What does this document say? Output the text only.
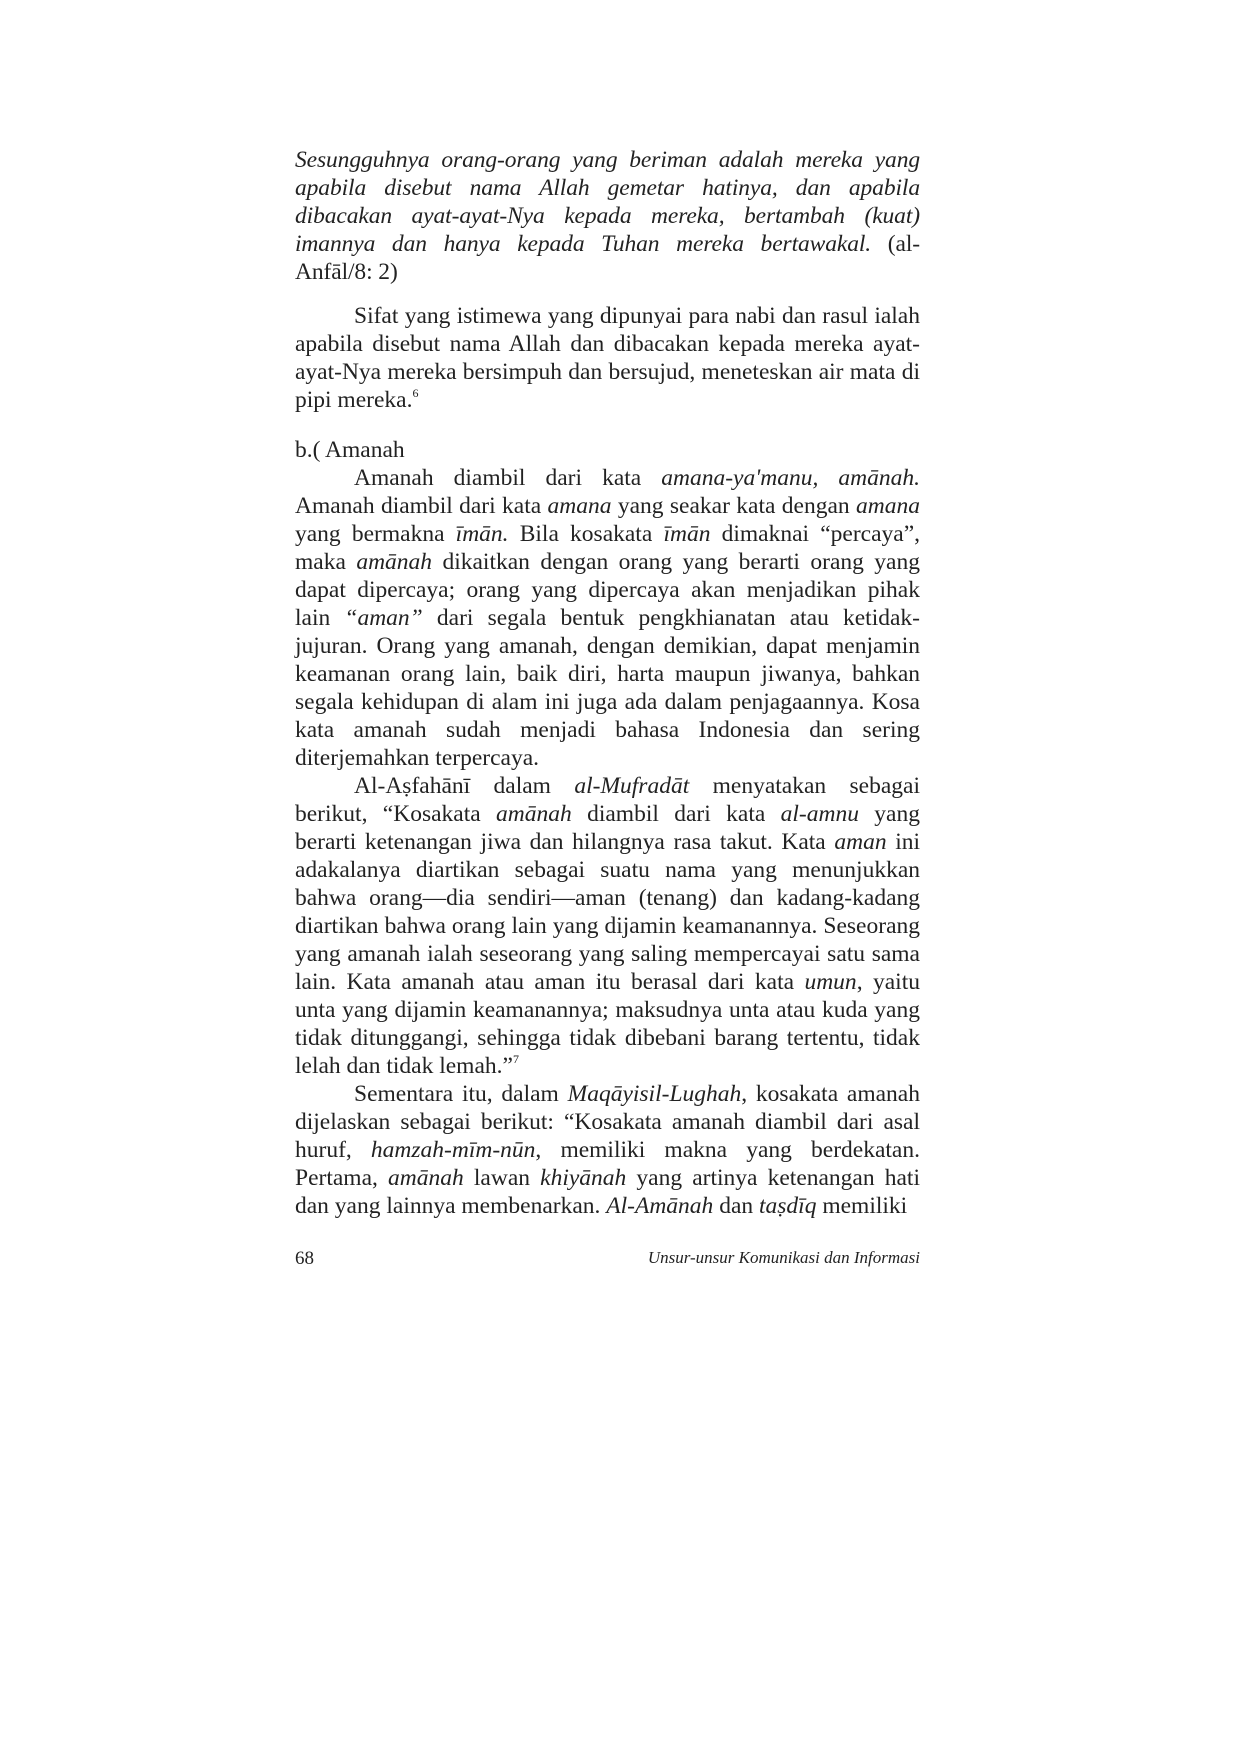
Sesungguhnya orang-orang yang beriman adalah mereka yang apabila disebut nama Allah gemetar hatinya, dan apabila dibacakan ayat-ayat-Nya kepada mereka, bertambah (kuat) imannya dan hanya kepada Tuhan mereka bertawakal. (al-Anfāl/8: 2)

Sifat yang istimewa yang dipunyai para nabi dan rasul ialah apabila disebut nama Allah dan dibacakan kepada mereka ayat-ayat-Nya mereka bersimpuh dan bersujud, meneteskan air mata di pipi mereka.$^6$

b.( Amanah

Amanah diambil dari kata amana-ya'manu, amānah. Amanah diambil dari kata amana yang seakar kata dengan amana yang bermakna īmān. Bila kosakata īmān dimaknai “percaya”, maka amānah dikaitkan dengan orang yang berarti orang yang dapat dipercaya; orang yang dipercaya akan menjadikan pihak lain “aman” dari segala bentuk pengkhianatan atau ketidak-jujuran. Orang yang amanah, dengan demikian, dapat menjamin keamanan orang lain, baik diri, harta maupun jiwanya, bahkan segala kehidupan di alam ini juga ada dalam penjagaannya. Kosa kata amanah sudah menjadi bahasa Indonesia dan sering diterjemahkan terpercaya.

Al-Aṣfahānī dalam al-Mufradāt menyatakan sebagai berikut, “Kosakata amānah diambil dari kata al-amnu yang berarti ketenangan jiwa dan hilangnya rasa takut. Kata aman ini adakalanya diartikan sebagai suatu nama yang menunjukkan bahwa orang—dia sendiri—aman (tenang) dan kadang-kadang diartikan bahwa orang lain yang dijamin keamanannya. Seseorang yang amanah ialah seseorang yang saling mempercayai satu sama lain. Kata amanah atau aman itu berasal dari kata umun, yaitu unta yang dijamin keamanannya; maksudnya unta atau kuda yang tidak ditunggangi, sehingga tidak dibebani barang tertentu, tidak lelah dan tidak lemah.”$^7$

Sementara itu, dalam Maqāyisil-Lughah, kosakata amanah dijelaskan sebagai berikut: “Kosakata amanah diambil dari asal huruf, hamzah-mīm-nūn, memiliki makna yang berdekatan. Pertama, amānah lawan khiyānah yang artinya ketenangan hati dan yang lainnya membenarkan. Al-Amānah dan taṣdīq memiliki

68	Unsur-unsur Komunikasi dan Informasi
